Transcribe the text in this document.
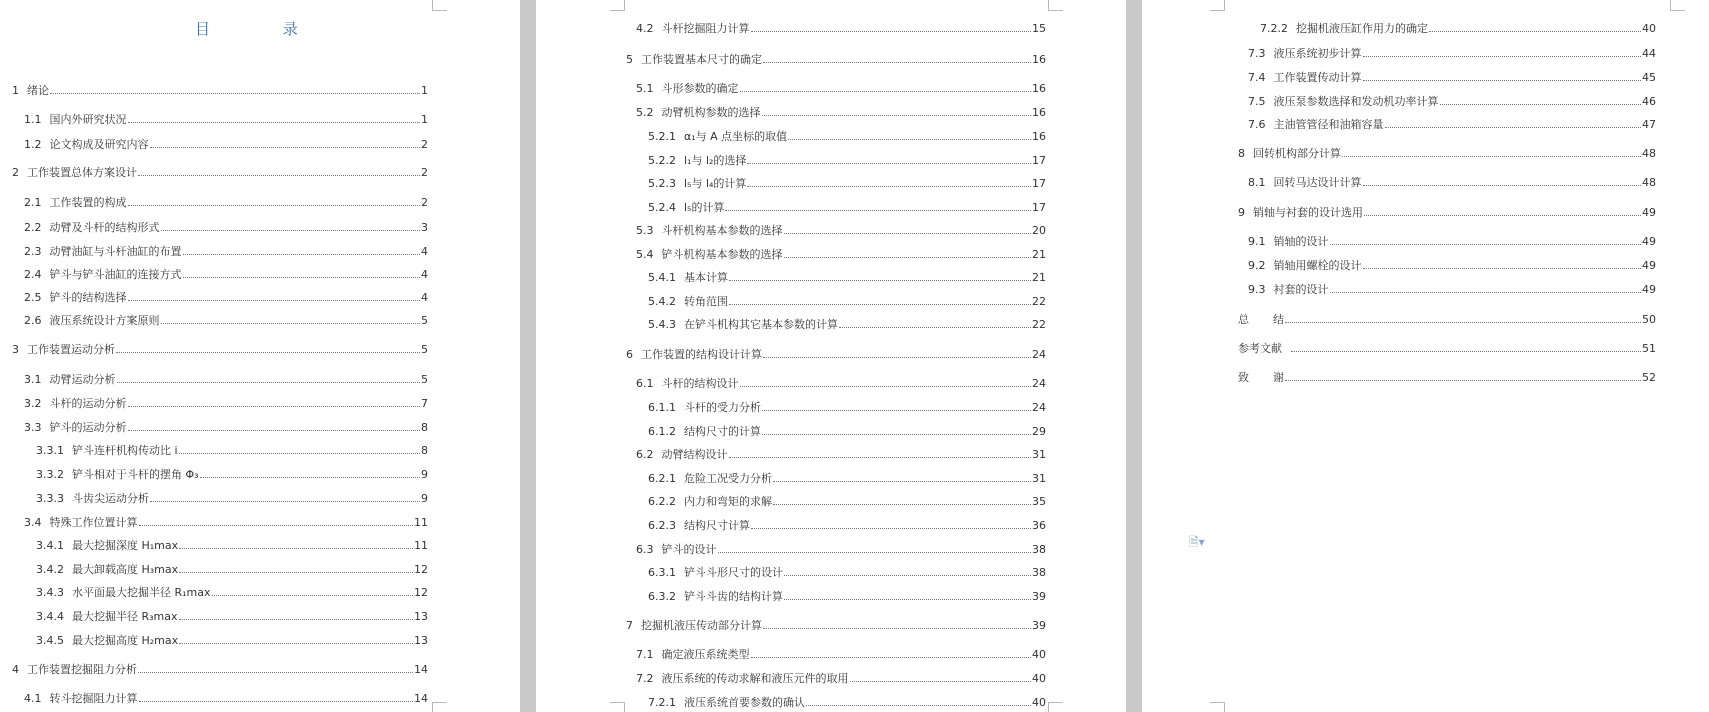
目 录
1 绪论	1
1.1 国内外研究状况	1
1.2 论文构成及研究内容	2
2 工作装置总体方案设计	2
2.1 工作装置的构成	2
2.2 动臂及斗杆的结构形式	3
2.3 动臂油缸与斗杆油缸的布置	4
2.4 铲斗与铲斗油缸的连接方式	4
2.5 铲斗的结构选择	4
2.6 液压系统设计方案原则	5
3 工作装置运动分析	5
3.1 动臂运动分析	5
3.2 斗杆的运动分析	7
3.3 铲斗的运动分析	8
3.3.1 铲斗连杆机构传动比 i	8
3.3.2 铲斗相对于斗杆的摆角 Φ₃	9
3.3.3 斗齿尖运动分析	9
3.4 特殊工作位置计算	11
3.4.1 最大挖掘深度 H₁max	11
3.4.2 最大卸载高度 H₃max	12
3.4.3 水平面最大挖掘半径 R₁max	12
3.4.4 最大挖掘半径 R₃max	13
3.4.5 最大挖掘高度 H₂max	13
4 工作装置挖掘阻力分析	14
4.1 转斗挖掘阻力计算	14
4.2 斗杆挖掘阻力计算	15
5 工作装置基本尺寸的确定	16
5.1 斗形参数的确定	16
5.2 动臂机构参数的选择	16
5.2.1 α₁与 A 点坐标的取值	16
5.2.2 l₁与 l₂的选择	17
5.2.3 l₅与 l₄的计算	17
5.2.4 l₅的计算	17
5.3 斗杆机构基本参数的选择	20
5.4 铲斗机构基本参数的选择	21
5.4.1 基本计算	21
5.4.2 转角范围	22
5.4.3 在铲斗机构其它基本参数的计算	22
6 工作装置的结构设计计算	24
6.1 斗杆的结构设计	24
6.1.1 斗杆的受力分析	24
6.1.2 结构尺寸的计算	29
6.2 动臂结构设计	31
6.2.1 危险工况受力分析	31
6.2.2 内力和弯矩的求解	35
6.2.3 结构尺寸计算	36
6.3 铲斗的设计	38
6.3.1 铲斗斗形尺寸的设计	38
6.3.2 铲斗斗齿的结构计算	39
7 挖掘机液压传动部分计算	39
7.1 确定液压系统类型	40
7.2 液压系统的传动求解和液压元件的取用	40
7.2.1 液压系统首要参数的确认	40
7.2.2 挖掘机液压缸作用力的确定	40
7.3 液压系统初步计算	44
7.4 工作装置传动计算	45
7.5 液压泵参数选择和发动机功率计算	46
7.6 主油管管径和油箱容量	47
8 回转机构部分计算	48
8.1 回转马达设计计算	48
9 销轴与衬套的设计选用	49
9.1 销轴的设计	49
9.2 销轴用螺栓的设计	49
9.3 衬套的设计	49
总 结	50
参考文献	51
致 谢	52
🗎▾
